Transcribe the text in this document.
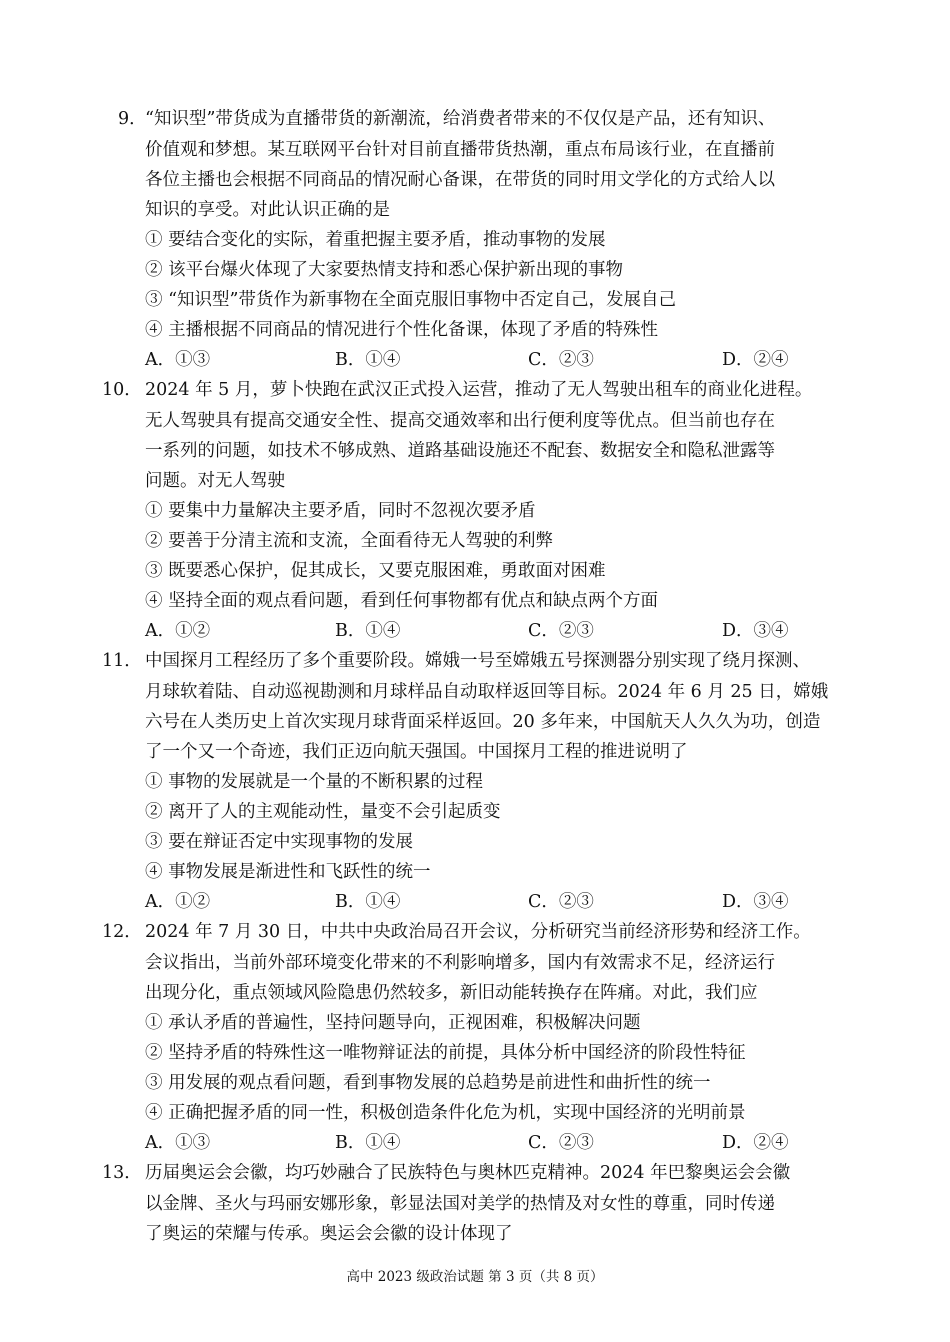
9．
“知识型”带货成为直播带货的新潮流，给消费者带来的不仅仅是产品，还有知识、
价值观和梦想。某互联网平台针对目前直播带货热潮，重点布局该行业，在直播前
各位主播也会根据不同商品的情况耐心备课，在带货的同时用文学化的方式给人以
知识的享受。对此认识正确的是
① 要结合变化的实际，着重把握主要矛盾，推动事物的发展
② 该平台爆火体现了大家要热情支持和悉心保护新出现的事物
③ “知识型”带货作为新事物在全面克服旧事物中否定自己，发展自己
④ 主播根据不同商品的情况进行个性化备课，体现了矛盾的特殊性
A．①③	B．①④	C．②③	D．②④
10． 2024 年 5 月，萝卜快跑在武汉正式投入运营，推动了无人驾驶出租车的商业化进程。
无人驾驶具有提高交通安全性、提高交通效率和出行便利度等优点。但当前也存在
一系列的问题，如技术不够成熟、道路基础设施还不配套、数据安全和隐私泄露等
问题。对无人驾驶
① 要集中力量解决主要矛盾，同时不忽视次要矛盾
② 要善于分清主流和支流，全面看待无人驾驶的利弊
③ 既要悉心保护，促其成长，又要克服困难，勇敢面对困难
④ 坚持全面的观点看问题，看到任何事物都有优点和缺点两个方面
A．①②	B．①④	C．②③	D．③④
11． 中国探月工程经历了多个重要阶段。嫦娥一号至嫦娥五号探测器分别实现了绕月探测、
月球软着陆、自动巡视勘测和月球样品自动取样返回等目标。2024 年 6 月 25 日，嫦娥
六号在人类历史上首次实现月球背面采样返回。20 多年来，中国航天人久久为功，创造
了一个又一个奇迹，我们正迈向航天强国。中国探月工程的推进说明了
① 事物的发展就是一个量的不断积累的过程
② 离开了人的主观能动性，量变不会引起质变
③ 要在辩证否定中实现事物的发展
④ 事物发展是渐进性和飞跃性的统一
A．①②	B．①④	C．②③	D．③④
12． 2024 年 7 月 30 日，中共中央政治局召开会议，分析研究当前经济形势和经济工作。
会议指出，当前外部环境变化带来的不利影响增多，国内有效需求不足，经济运行
出现分化，重点领域风险隐患仍然较多，新旧动能转换存在阵痛。对此，我们应
① 承认矛盾的普遍性，坚持问题导向，正视困难，积极解决问题
② 坚持矛盾的特殊性这一唯物辩证法的前提，具体分析中国经济的阶段性特征
③ 用发展的观点看问题，看到事物发展的总趋势是前进性和曲折性的统一
④ 正确把握矛盾的同一性，积极创造条件化危为机，实现中国经济的光明前景
A．①③	B．①④	C．②③	D．②④
13． 历届奥运会会徽，均巧妙融合了民族特色与奥林匹克精神。2024 年巴黎奥运会会徽
以金牌、圣火与玛丽安娜形象，彰显法国对美学的热情及对女性的尊重，同时传递
了奥运的荣耀与传承。奥运会会徽的设计体现了
高中 2023 级政治试题 第 3 页（共 8 页）
